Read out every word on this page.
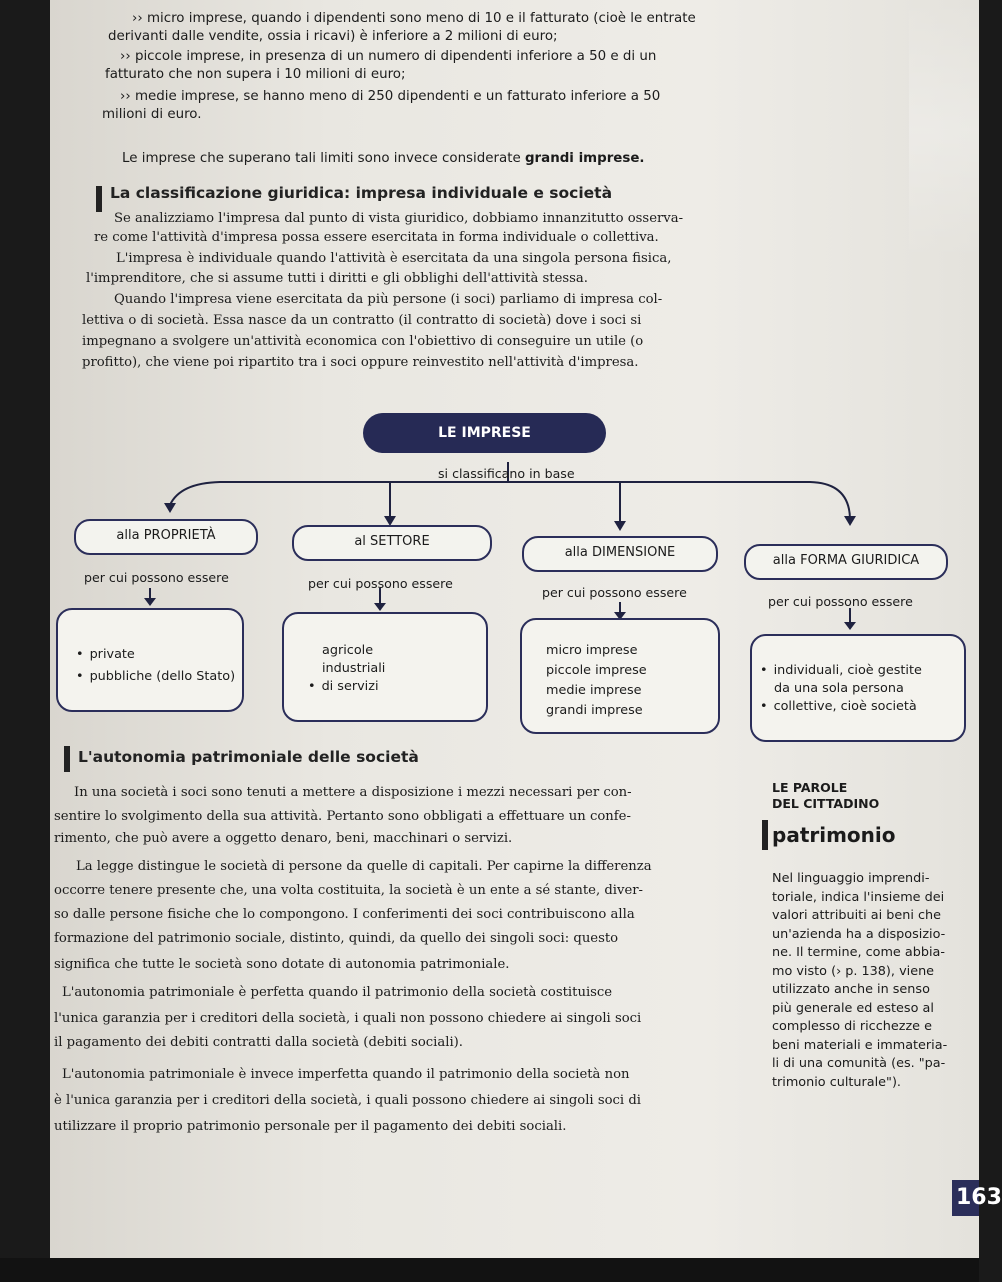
›› micro imprese, quando i dipendenti sono meno di 10 e il fatturato (cioè le entrate
derivanti dalle vendite, ossia i ricavi) è inferiore a 2 milioni di euro;
›› piccole imprese, in presenza di un numero di dipendenti inferiore a 50 e di un
fatturato che non supera i 10 milioni di euro;
›› medie imprese, se hanno meno di 250 dipendenti e un fatturato inferiore a 50
milioni di euro.
Le imprese che superano tali limiti sono invece considerate grandi imprese.
La classificazione giuridica: impresa individuale e società
Se analizziamo l'impresa dal punto di vista giuridico, dobbiamo innanzitutto osserva-
re come l'attività d'impresa possa essere esercitata in forma individuale o collettiva.
L'impresa è individuale quando l'attività è esercitata da una singola persona fisica,
l'imprenditore, che si assume tutti i diritti e gli obblighi dell'attività stessa.
Quando l'impresa viene esercitata da più persone (i soci) parliamo di impresa col-
lettiva o di società. Essa nasce da un contratto (il contratto di società) dove i soci si
impegnano a svolgere un'attività economica con l'obiettivo di conseguire un utile (o
profitto), che viene poi ripartito tra i soci oppure reinvestito nell'attività d'impresa.
LE IMPRESE
si classificano in base
alla PROPRIETÀ	al SETTORE
alla DIMENSIONE
alla FORMA GIURIDICA
per cui possono essere	per cui possono essere
per cui possono essere
per cui possono essere
• private
• pubbliche (dello Stato)
agricole
industriali
• di servizi
micro imprese
piccole imprese
medie imprese
grandi imprese
• individuali, cioè gestite
da una sola persona
• collettive, cioè società
L'autonomia patrimoniale delle società
In una società i soci sono tenuti a mettere a disposizione i mezzi necessari per con-
sentire lo svolgimento della sua attività. Pertanto sono obbligati a effettuare un confe-
rimento, che può avere a oggetto denaro, beni, macchinari o servizi.
La legge distingue le società di persone da quelle di capitali. Per capirne la differenza
occorre tenere presente che, una volta costituita, la società è un ente a sé stante, diver-
so dalle persone fisiche che lo compongono. I conferimenti dei soci contribuiscono alla
formazione del patrimonio sociale, distinto, quindi, da quello dei singoli soci: questo
significa che tutte le società sono dotate di autonomia patrimoniale.
L'autonomia patrimoniale è perfetta quando il patrimonio della società costituisce
l'unica garanzia per i creditori della società, i quali non possono chiedere ai singoli soci
il pagamento dei debiti contratti dalla società (debiti sociali).
L'autonomia patrimoniale è invece imperfetta quando il patrimonio della società non
è l'unica garanzia per i creditori della società, i quali possono chiedere ai singoli soci di
utilizzare il proprio patrimonio personale per il pagamento dei debiti sociali.
LE PAROLE
DEL CITTADINO
patrimonio
Nel linguaggio imprendi-
toriale, indica l'insieme dei
valori attribuiti ai beni che
un'azienda ha a disposizio-
ne. Il termine, come abbia-
mo visto (› p. 138), viene
utilizzato anche in senso
più generale ed esteso al
complesso di ricchezze e
beni materiali e immateria-
li di una comunità (es. "pa-
trimonio culturale").
163
